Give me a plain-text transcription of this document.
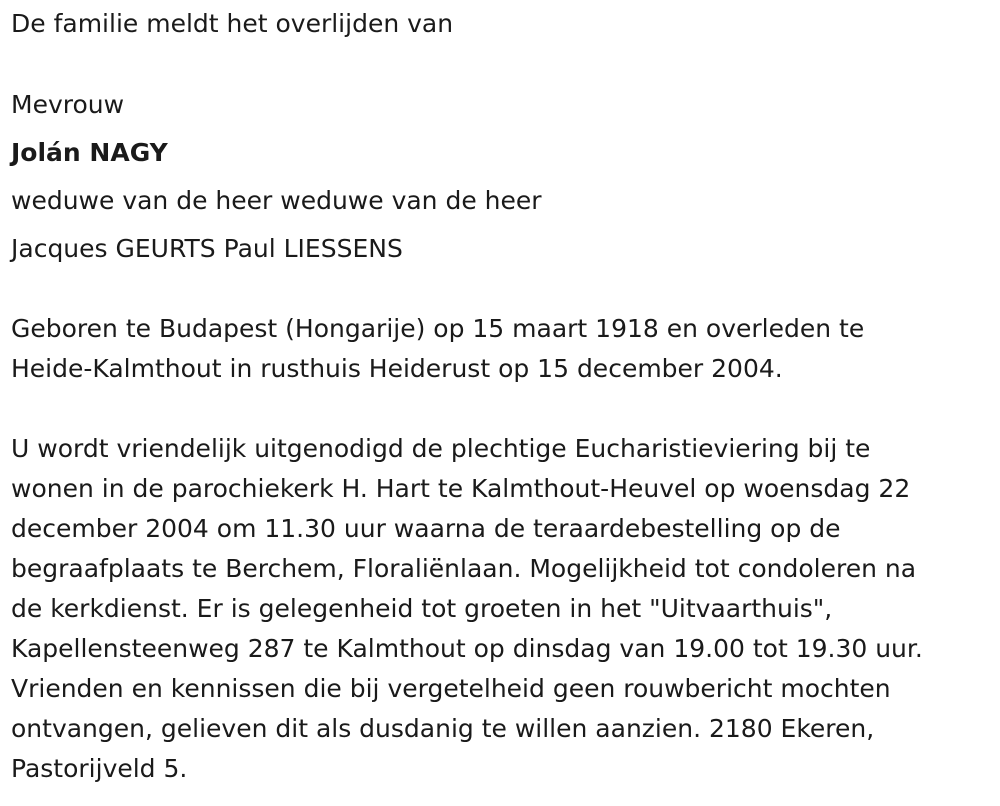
De familie meldt het overlijden van
Mevrouw
Jolán NAGY
weduwe van de heer weduwe van de heer
Jacques GEURTS Paul LIESSENS
Geboren te Budapest (Hongarije) op 15 maart 1918 en overleden te
Heide-Kalmthout in rusthuis Heiderust op 15 december 2004.
U wordt vriendelijk uitgenodigd de plechtige Eucharistieviering bij te
wonen in de parochiekerk H. Hart te Kalmthout-Heuvel op woensdag 22
december 2004 om 11.30 uur waarna de teraardebestelling op de
begraafplaats te Berchem, Floraliënlaan. Mogelijkheid tot condoleren na
de kerkdienst. Er is gelegenheid tot groeten in het "Uitvaarthuis",
Kapellensteenweg 287 te Kalmthout op dinsdag van 19.00 tot 19.30 uur.
Vrienden en kennissen die bij vergetelheid geen rouwbericht mochten
ontvangen, gelieven dit als dusdanig te willen aanzien. 2180 Ekeren,
Pastorijveld 5.
